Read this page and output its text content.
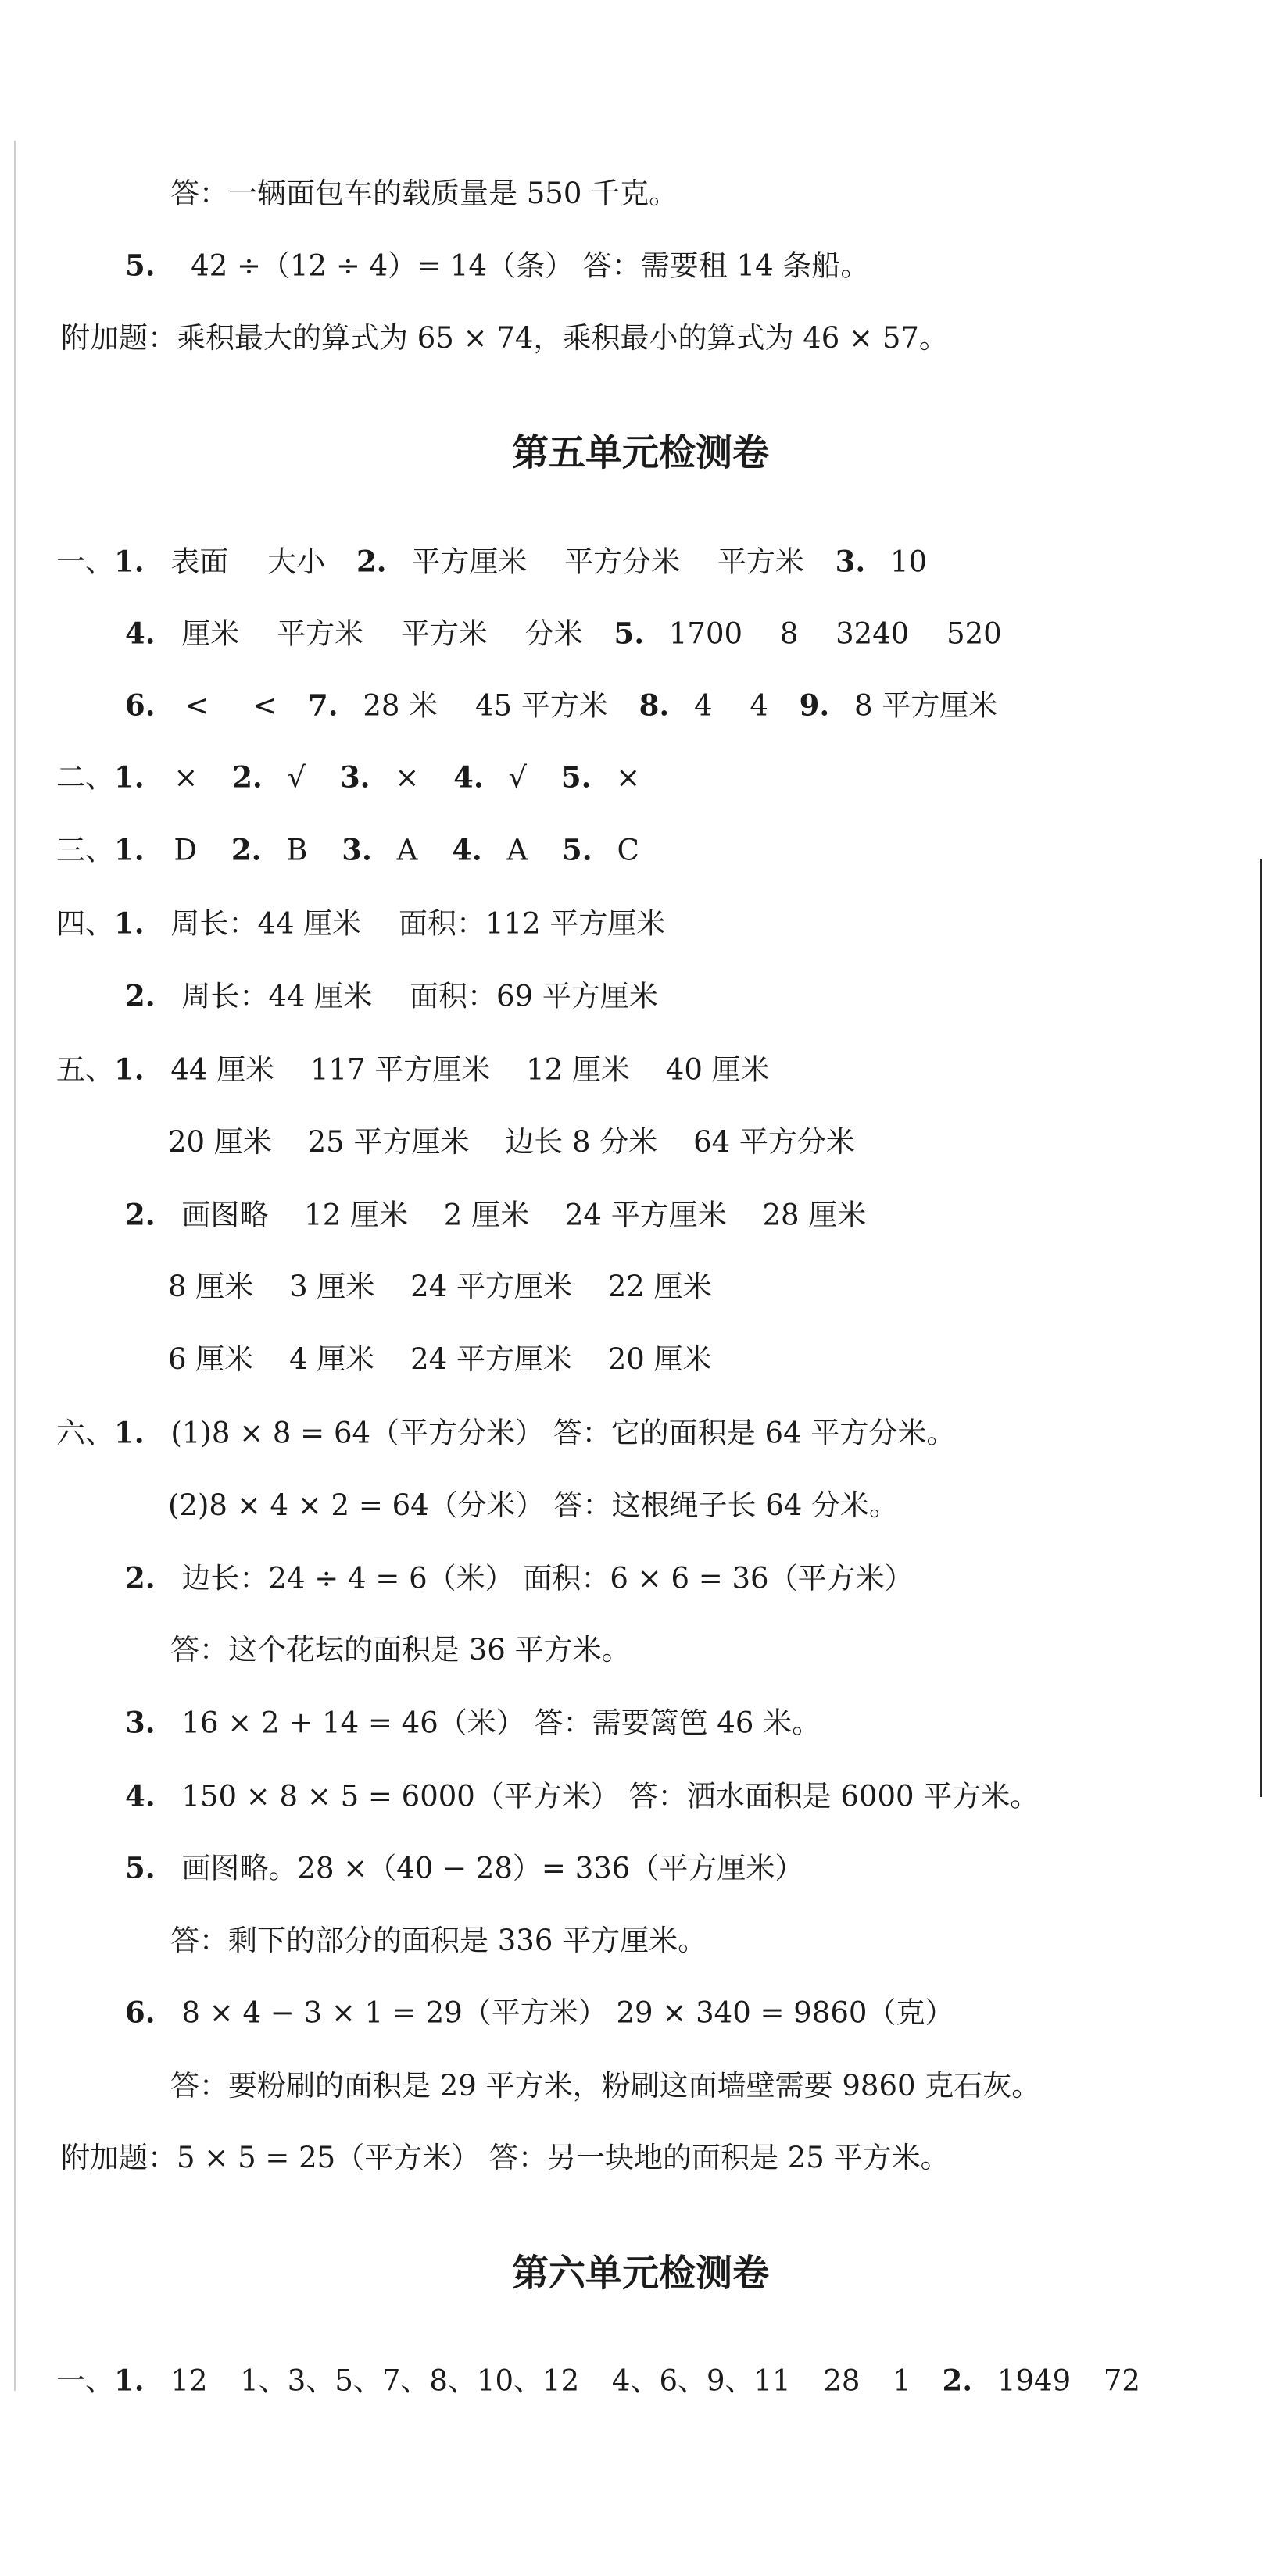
答：一辆面包车的载质量是 550 千克。
5. 42 ÷（12 ÷ 4）= 14（条） 答：需要租 14 条船。
附加题：乘积最大的算式为 65 × 74，乘积最小的算式为 46 × 57。
第五单元检测卷
一、1. 表面 大小 2. 平方厘米 平方分米 平方米 3. 10
4. 厘米 平方米 平方米 分米 5. 1700 8 3240 520
6. < < 7. 28 米 45 平方米 8. 4 4 9. 8 平方厘米
二、1. × 2. √ 3. × 4. √ 5. ×
三、1. D 2. B 3. A 4. A 5. C
四、1. 周长：44 厘米 面积：112 平方厘米
2. 周长：44 厘米 面积：69 平方厘米
五、1. 44 厘米 117 平方厘米 12 厘米 40 厘米
20 厘米 25 平方厘米 边长 8 分米 64 平方分米
2. 画图略 12 厘米 2 厘米 24 平方厘米 28 厘米
8 厘米 3 厘米 24 平方厘米 22 厘米
6 厘米 4 厘米 24 平方厘米 20 厘米
六、1. (1)8 × 8 = 64（平方分米） 答：它的面积是 64 平方分米。
(2)8 × 4 × 2 = 64（分米） 答：这根绳子长 64 分米。
2. 边长：24 ÷ 4 = 6（米） 面积：6 × 6 = 36（平方米）
答：这个花坛的面积是 36 平方米。
3. 16 × 2 + 14 = 46（米） 答：需要篱笆 46 米。
4. 150 × 8 × 5 = 6000（平方米） 答：洒水面积是 6000 平方米。
5. 画图略。28 ×（40 − 28）= 336（平方厘米）
答：剩下的部分的面积是 336 平方厘米。
6. 8 × 4 − 3 × 1 = 29（平方米） 29 × 340 = 9860（克）
答：要粉刷的面积是 29 平方米，粉刷这面墙壁需要 9860 克石灰。
附加题：5 × 5 = 25（平方米） 答：另一块地的面积是 25 平方米。
第六单元检测卷
一、1. 12 1、3、5、7、8、10、12 4、6、9、11 28 1 2. 1949 72
